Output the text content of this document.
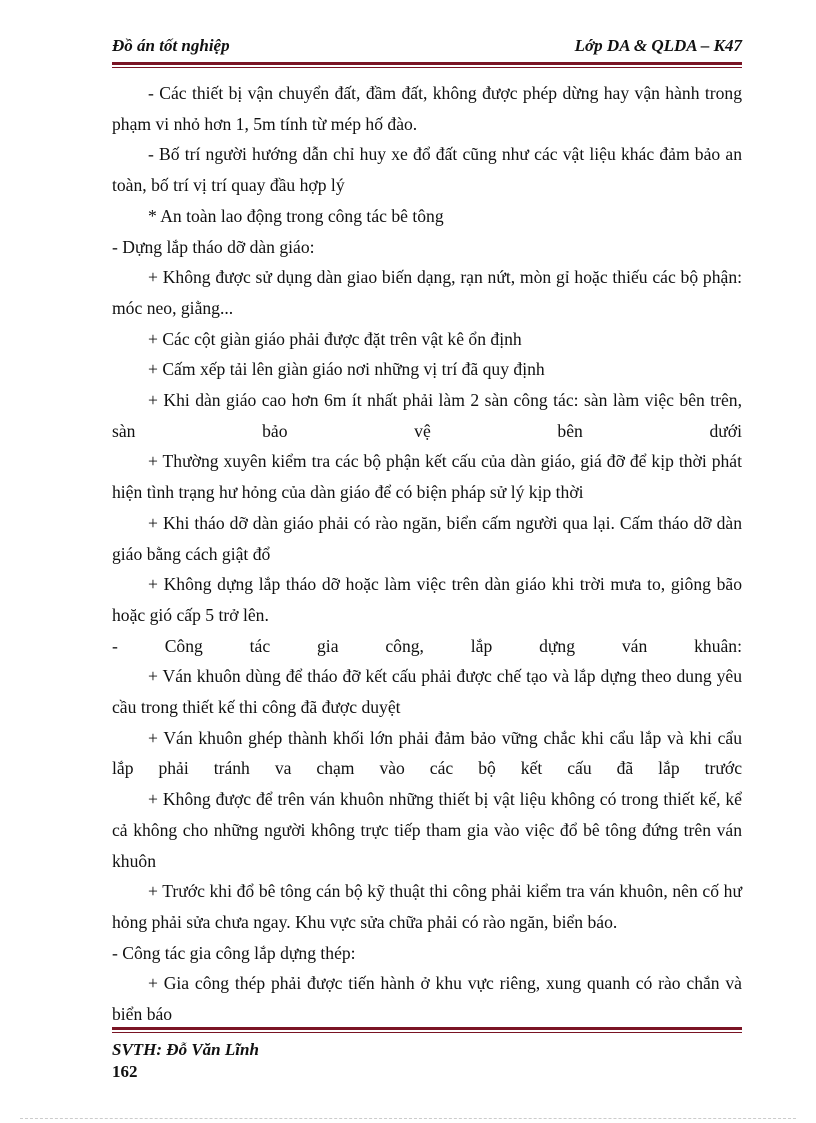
Đồ án tốt nghiệp	Lớp DA & QLDA – K47
- Các thiết bị vận chuyển đất, đầm đất, không được phép dừng hay vận hành trong phạm vi nhỏ hơn 1, 5m tính từ mép hố đào.
- Bố trí người hướng dẫn chỉ huy xe đổ đất cũng như các vật liệu khác đảm bảo an toàn, bố trí vị trí quay đầu hợp lý
* An toàn lao động trong công tác bê tông
- Dựng lắp tháo dỡ dàn giáo:
+ Không được sử dụng dàn giao biến dạng, rạn nứt, mòn gỉ hoặc thiếu các bộ phận: móc neo, giằng...
+ Các cột giàn giáo phải được đặt trên vật kê ổn định
+ Cấm xếp tải lên giàn giáo nơi những vị trí đã quy định
+ Khi dàn giáo cao hơn 6m ít nhất phải làm 2 sàn công tác: sàn làm việc bên trên, sàn bảo vệ bên dưới
+ Thường xuyên kiểm tra các bộ phận kết cấu của dàn giáo, giá đỡ để kịp thời phát hiện tình trạng hư hỏng của dàn giáo để có biện pháp sử lý kịp thời
+ Khi tháo dỡ dàn giáo phải có rào ngăn, biển cấm người qua lại. Cấm tháo dỡ dàn giáo bằng cách giật đổ
+ Không dựng lắp tháo dỡ hoặc làm việc trên dàn giáo khi trời mưa to, giông bão hoặc gió cấp 5 trở lên.
- Công tác gia công, lắp dựng ván khuân:
+ Ván khuôn dùng để tháo đỡ kết cấu phải được chế tạo và lắp dựng theo dung yêu cầu trong thiết kế thi công đã được duyệt
+ Ván khuôn ghép thành khối lớn phải đảm bảo vững chắc khi cẩu lắp và khi cẩu lắp phải tránh va chạm vào các bộ kết cấu đã lắp trước
+ Không được để trên ván khuôn những thiết bị vật liệu không có trong thiết kế, kể cả không cho những người không trực tiếp tham gia vào việc đổ bê tông đứng trên ván khuôn
+ Trước khi đổ bê tông cán bộ kỹ thuật thi công phải kiểm tra ván khuôn, nên cố hư hỏng phải sửa chưa ngay. Khu vực sửa chữa phải có rào ngăn, biển báo.
- Công tác gia công lắp dựng thép:
+ Gia công thép phải được tiến hành ở khu vực riêng, xung quanh có rào chắn và biển báo
SVTH: Đỗ Văn Lĩnh
162
